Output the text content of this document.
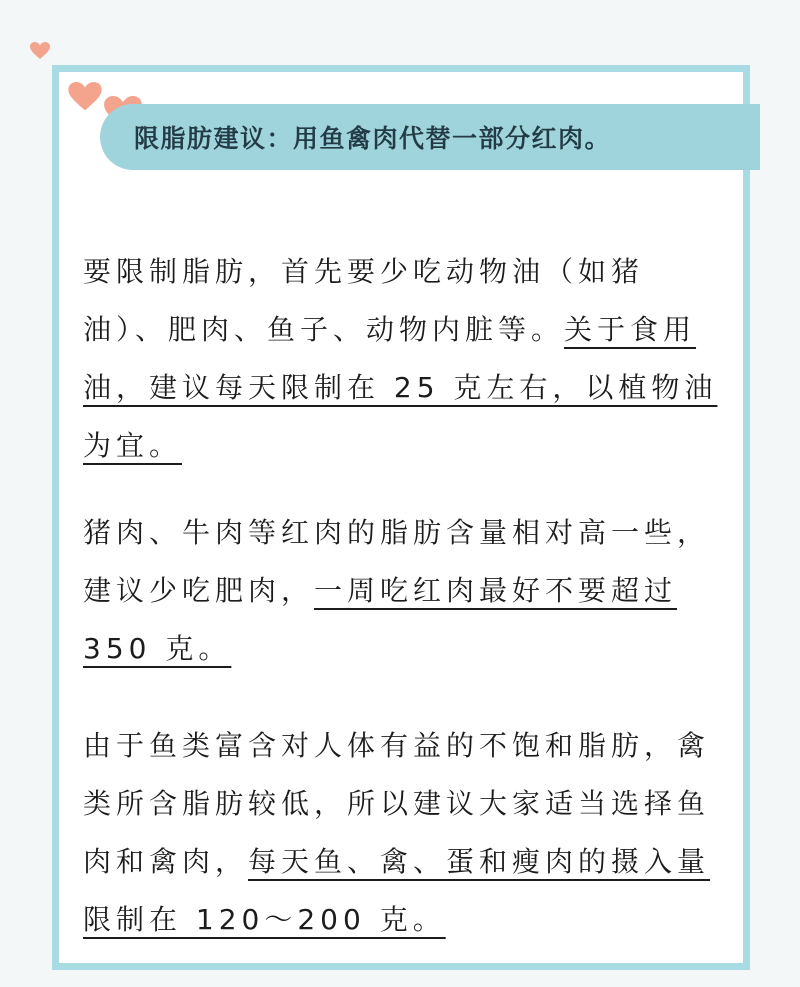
限脂肪建议：用鱼禽肉代替一部分红肉。

要限制脂肪，首先要少吃动物油（如猪油）、肥肉、鱼子、动物内脏等。关于食用油，建议每天限制在 25 克左右，以植物油为宜。

猪肉、牛肉等红肉的脂肪含量相对高一些，建议少吃肥肉，一周吃红肉最好不要超过 350 克。

由于鱼类富含对人体有益的不饱和脂肪，禽类所含脂肪较低，所以建议大家适当选择鱼肉和禽肉，每天鱼、禽、蛋和瘦肉的摄入量限制在 120～200 克。
